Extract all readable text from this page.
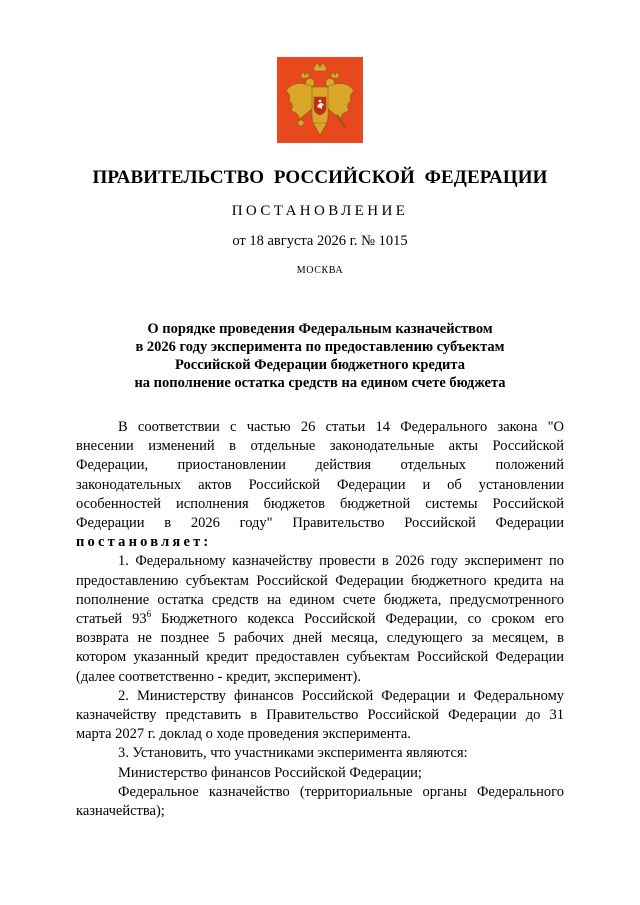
ПРАВИТЕЛЬСТВО  РОССИЙСКОЙ  ФЕДЕРАЦИИ
ПОСТАНОВЛЕНИЕ
от 18 августа 2026 г. № 1015
МОСКВА
О порядке проведения Федеральным казначейством
в 2026 году эксперимента по предоставлению субъектам
Российской Федерации бюджетного кредита
на пополнение остатка средств на едином счете бюджета

В соответствии с частью 26 статьи 14 Федерального закона "О внесении изменений в отдельные законодательные акты Российской Федерации, приостановлении действия отдельных положений законодательных актов Российской Федерации и об установлении особенностей исполнения бюджетов бюджетной системы Российской Федерации в 2026 году" Правительство Российской Федерации

постановляет:

1. Федеральному казначейству провести в 2026 году эксперимент по предоставлению субъектам Российской Федерации бюджетного кредита на пополнение остатка средств на едином счете бюджета, предусмотренного статьей $93^6$ Бюджетного кодекса Российской Федерации, со сроком его возврата не позднее 5 рабочих дней месяца, следующего за месяцем, в котором указанный кредит предоставлен субъектам Российской Федерации (далее соответственно - кредит, эксперимент).

2. Министерству финансов Российской Федерации и Федеральному казначейству представить в Правительство Российской Федерации до 31 марта 2027 г. доклад о ходе проведения эксперимента.

3. Установить, что участниками эксперимента являются:

Министерство финансов Российской Федерации;

Федеральное казначейство (территориальные органы Федерального казначейства);
